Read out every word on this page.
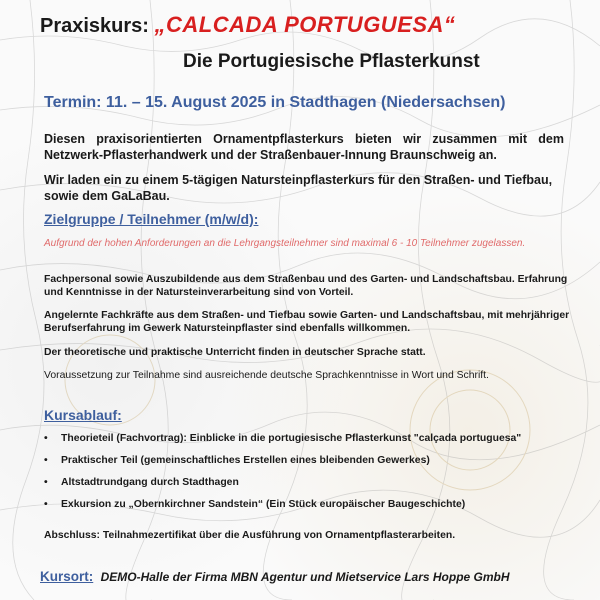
Praxiskurs: „CALCADA PORTUGUESA“
Die Portugiesische Pflasterkunst
Termin: 11. – 15. August 2025 in Stadthagen (Niedersachsen)
Diesen praxisorientierten Ornamentpflasterkurs bieten wir zusammen mit dem Netzwerk-Pflasterhandwerk und der Straßenbauer-Innung Braunschweig an.
Wir laden ein zu einem 5-tägigen Natursteinpflasterkurs für den Straßen- und Tiefbau, sowie dem GaLaBau.
Zielgruppe / Teilnehmer (m/w/d):
Aufgrund der hohen Anforderungen an die Lehrgangsteilnehmer sind maximal 6 - 10 Teilnehmer zugelassen.
Fachpersonal sowie Auszubildende aus dem Straßenbau und des Garten- und Landschaftsbau. Erfahrung und Kenntnisse in der Natursteinverarbeitung sind von Vorteil.
Angelernte Fachkräfte aus dem Straßen- und Tiefbau sowie Garten- und Landschaftsbau, mit mehrjähriger Berufserfahrung im Gewerk Natursteinpflaster sind ebenfalls willkommen.
Der theoretische und praktische Unterricht finden in deutscher Sprache statt.
Voraussetzung zur Teilnahme sind ausreichende deutsche Sprachkenntnisse in Wort und Schrift.
Kursablauf:
• Theorieteil (Fachvortrag): Einblicke in die portugiesische Pflasterkunst "calçada portuguesa"
• Praktischer Teil (gemeinschaftliches Erstellen eines bleibenden Gewerkes)
• Altstadtrundgang durch Stadthagen
• Exkursion zu „Obernkirchner Sandstein“ (Ein Stück europäischer Baugeschichte)
Abschluss: Teilnahmezertifikat über die Ausführung von Ornamentpflasterarbeiten.
Kursort: DEMO-Halle der Firma MBN Agentur und Mietservice Lars Hoppe GmbH
